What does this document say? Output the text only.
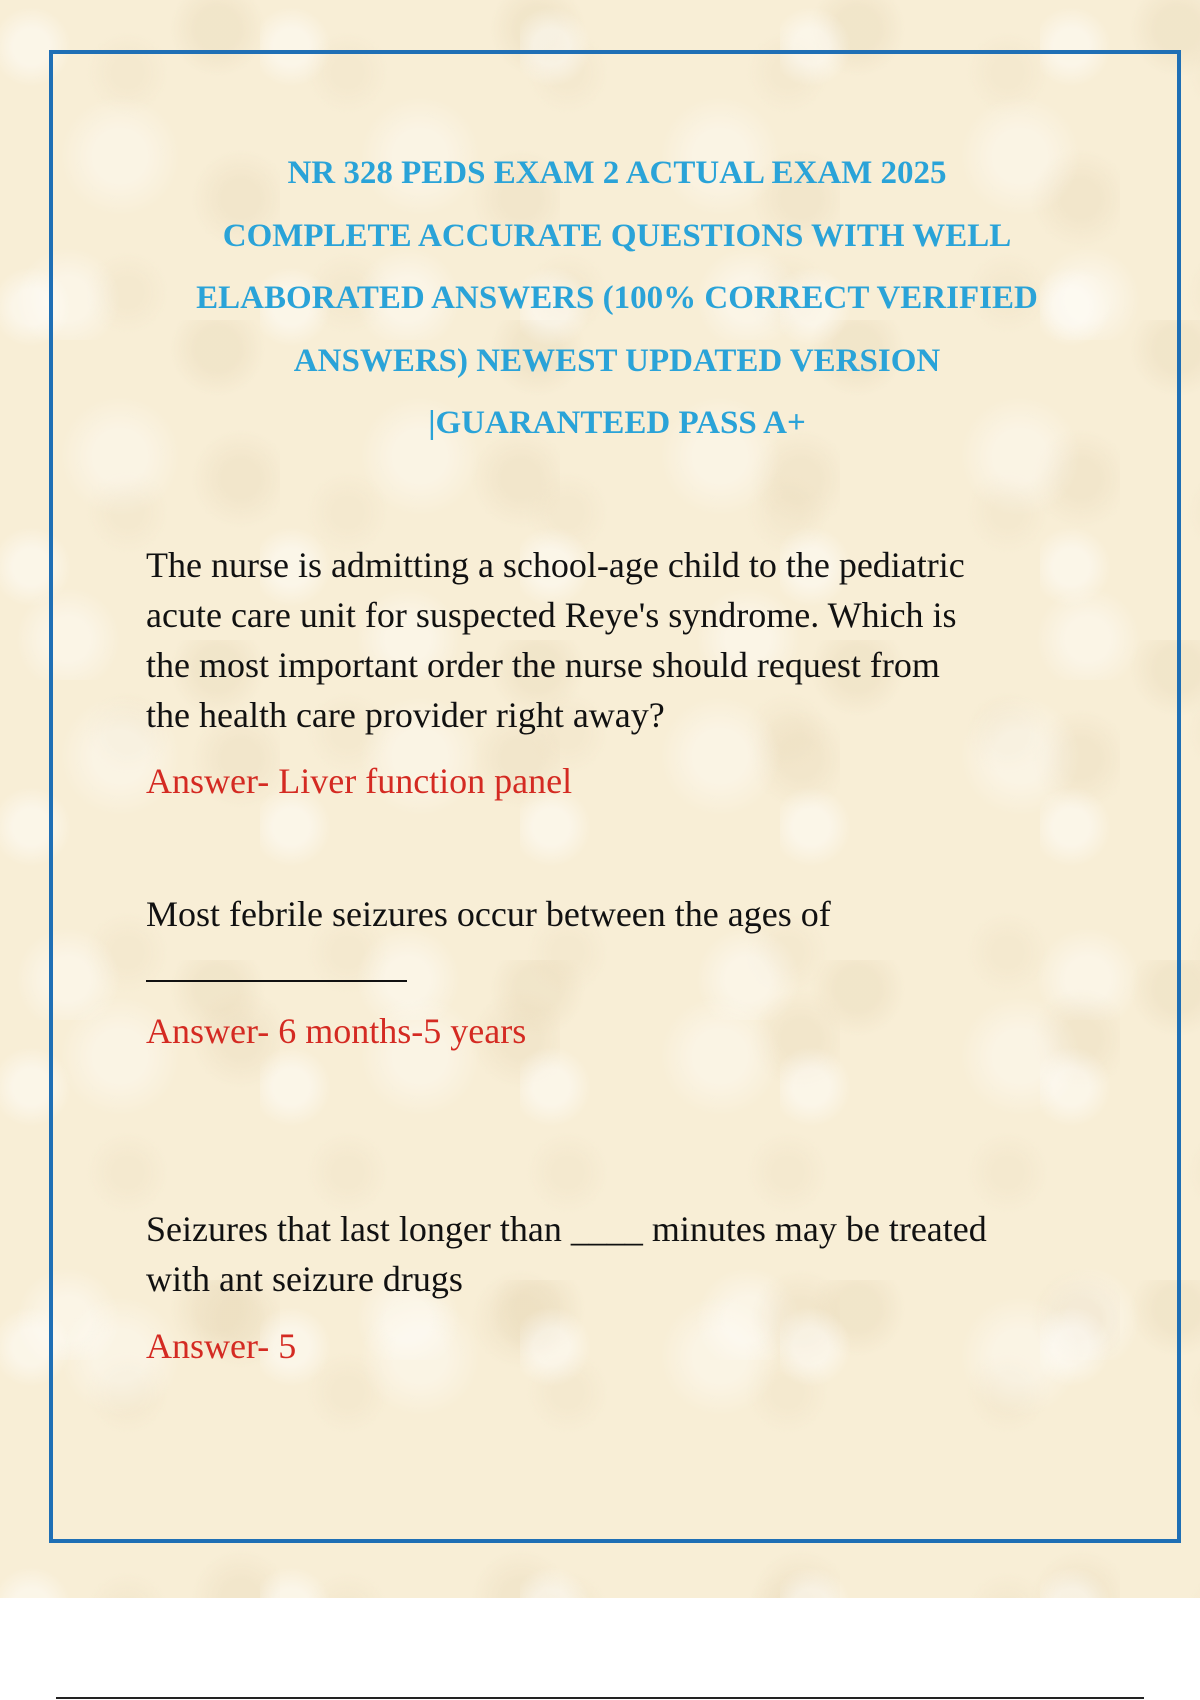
NR 328 PEDS EXAM 2 ACTUAL EXAM 2025
COMPLETE ACCURATE QUESTIONS WITH WELL
ELABORATED ANSWERS (100% CORRECT VERIFIED
ANSWERS) NEWEST UPDATED VERSION
|GUARANTEED PASS A+

The nurse is admitting a school-age child to the pediatric
acute care unit for suspected Reye's syndrome. Which is
the most important order the nurse should request from
the health care provider right away?

Answer- Liver function panel

Most febrile seizures occur between the ages of

Answer- 6 months-5 years

Seizures that last longer than ____ minutes may be treated
with ant seizure drugs

Answer- 5
